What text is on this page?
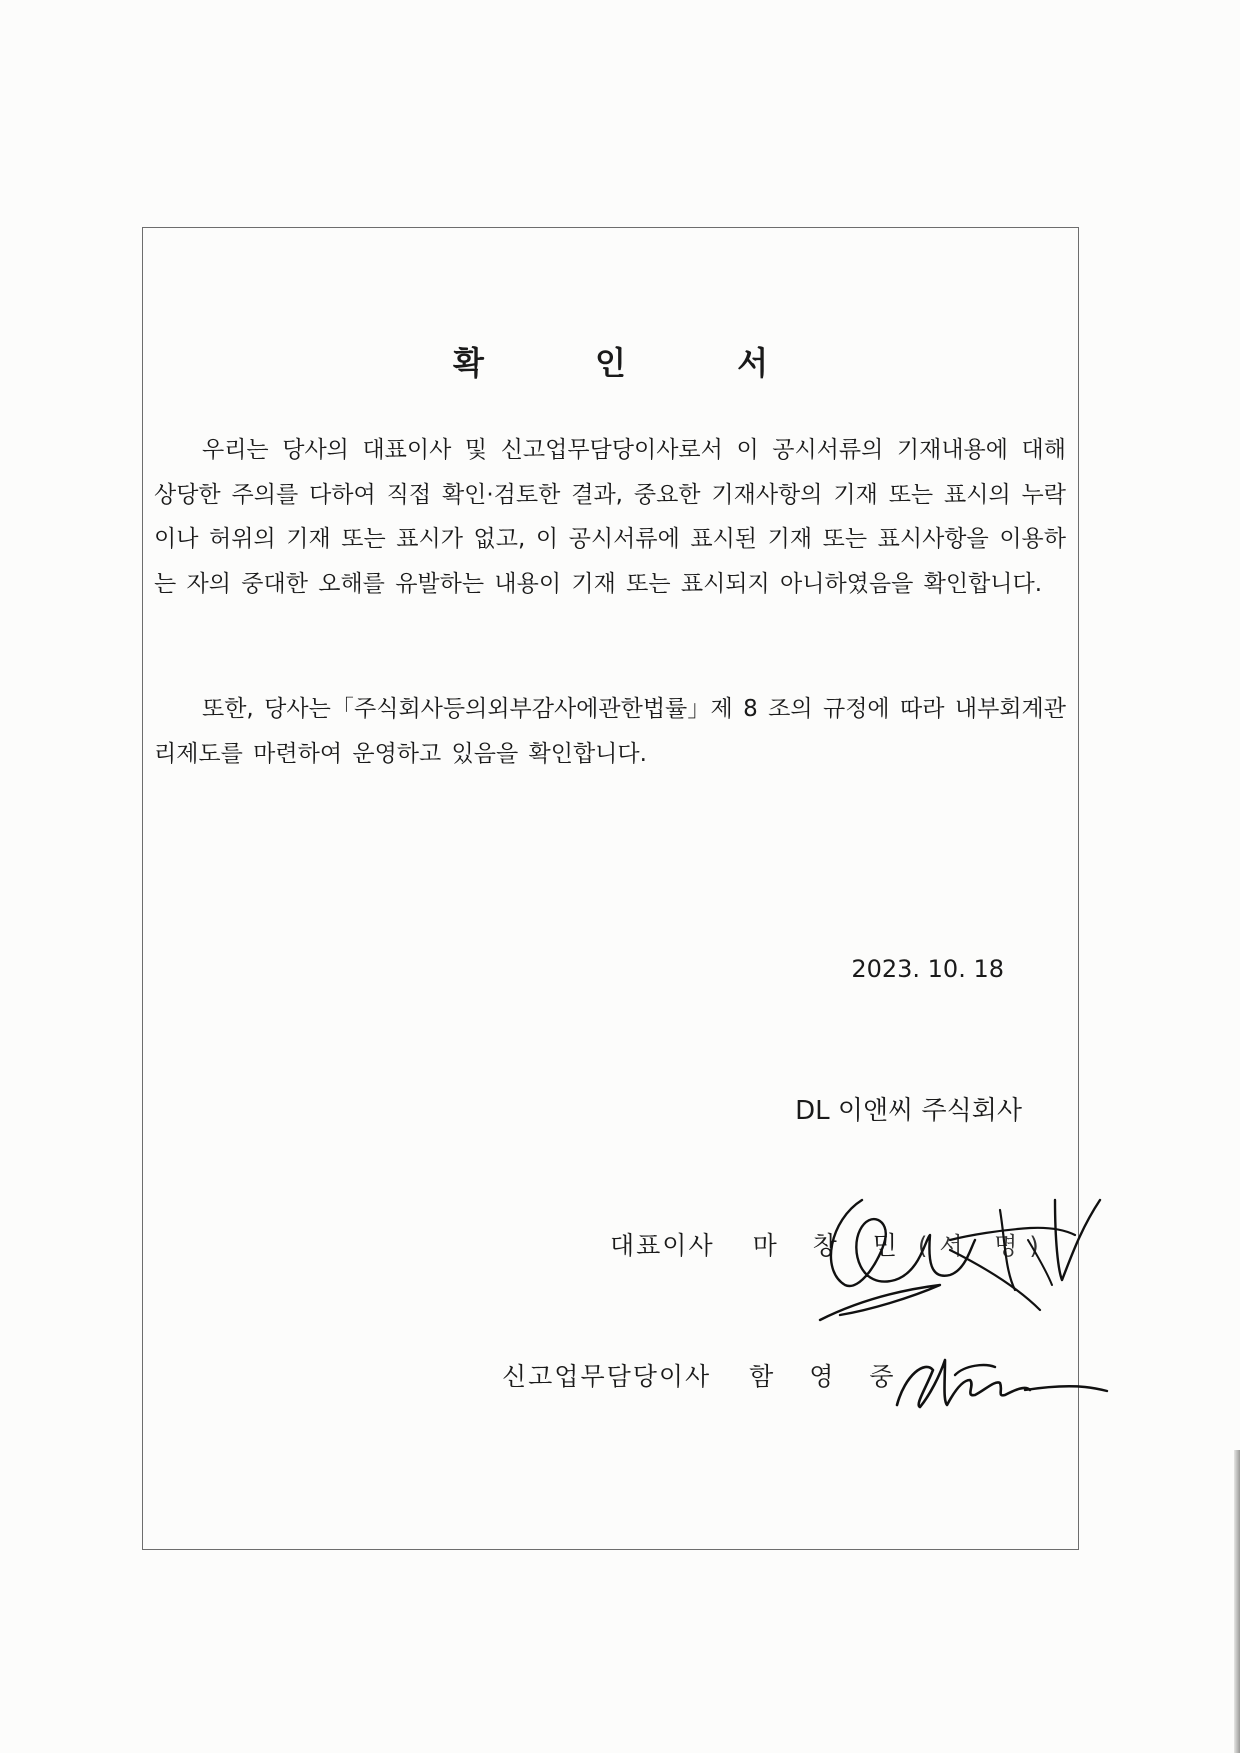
확 인 서

우리는 당사의 대표이사 및 신고업무담당이사로서 이 공시서류의 기재내용에 대해 상당한 주의를 다하여 직접 확인·검토한 결과, 중요한 기재사항의 기재 또는 표시의 누락이나 허위의 기재 또는 표시가 없고, 이 공시서류에 표시된 기재 또는 표시사항을 이용하는 자의 중대한 오해를 유발하는 내용이 기재 또는 표시되지 아니하였음을 확인합니다.

또한, 당사는「주식회사등의외부감사에관한법률」제 8 조의 규정에 따라 내부회계관리제도를 마련하여 운영하고 있음을 확인합니다.

2023. 10. 18
DL 이앤씨 주식회사
대표이사 마 창 민 (서 명)
신고업무담당이사 함 영 중
